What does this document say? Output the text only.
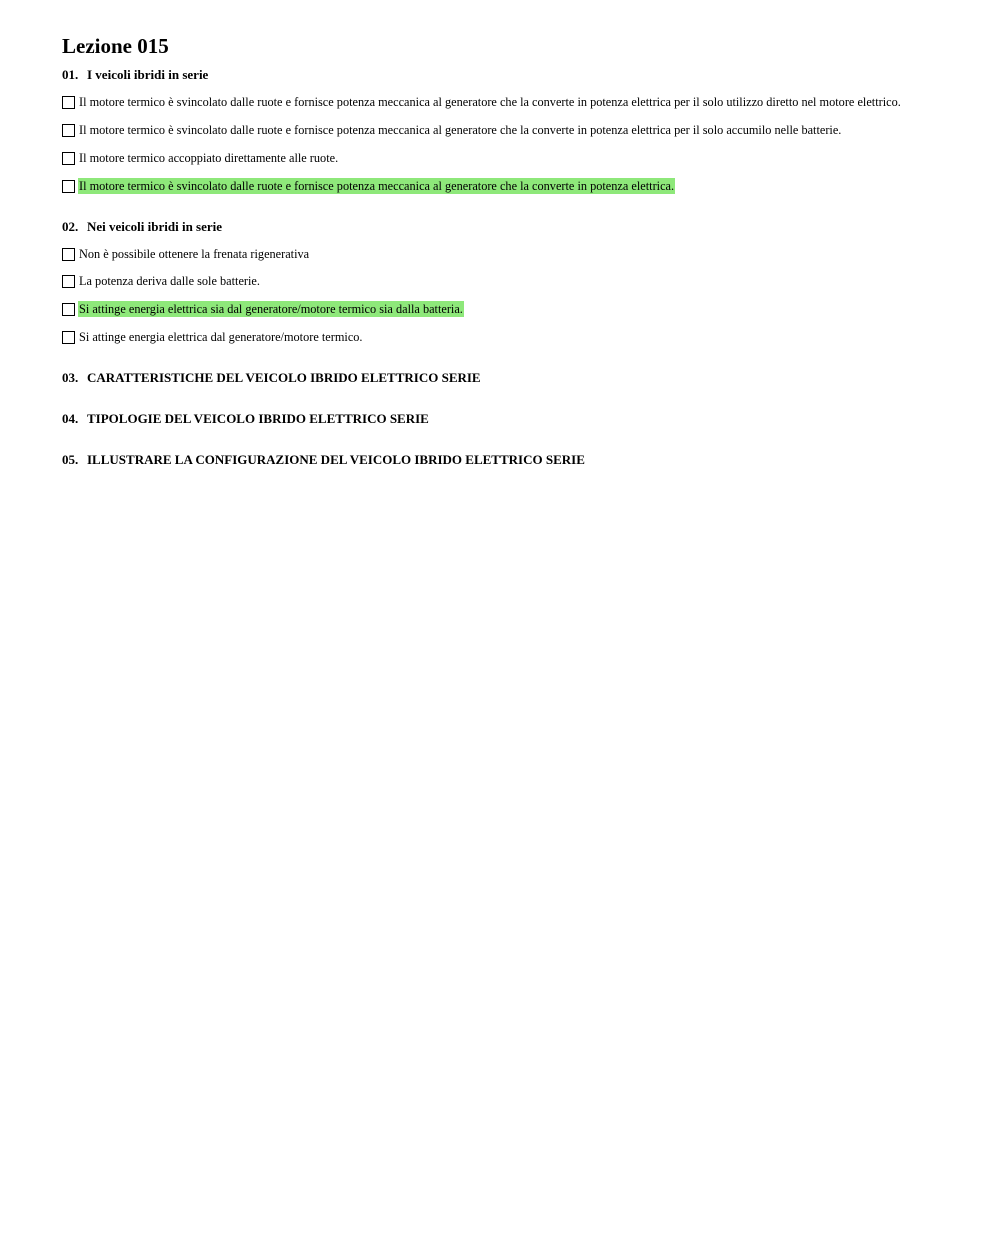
Lezione 015
01. I veicoli ibridi in serie
Il motore termico è svincolato dalle ruote e fornisce potenza meccanica al generatore che la converte in potenza elettrica per il solo utilizzo diretto nel motore elettrico.
Il motore termico è svincolato dalle ruote e fornisce potenza meccanica al generatore che la converte in potenza elettrica per il solo accumilo nelle batterie.
Il motore termico accoppiato direttamente alle ruote.
Il motore termico è svincolato dalle ruote e fornisce potenza meccanica al generatore che la converte in potenza elettrica.
02. Nei veicoli ibridi in serie
Non è possibile ottenere la frenata rigenerativa
La potenza deriva dalle sole batterie.
Si attinge energia elettrica sia dal generatore/motore termico sia dalla batteria.
Si attinge energia elettrica dal generatore/motore termico.
03. CARATTERISTICHE DEL VEICOLO IBRIDO ELETTRICO SERIE
04. TIPOLOGIE DEL VEICOLO IBRIDO ELETTRICO SERIE
05. ILLUSTRARE LA CONFIGURAZIONE DEL VEICOLO IBRIDO ELETTRICO SERIE
